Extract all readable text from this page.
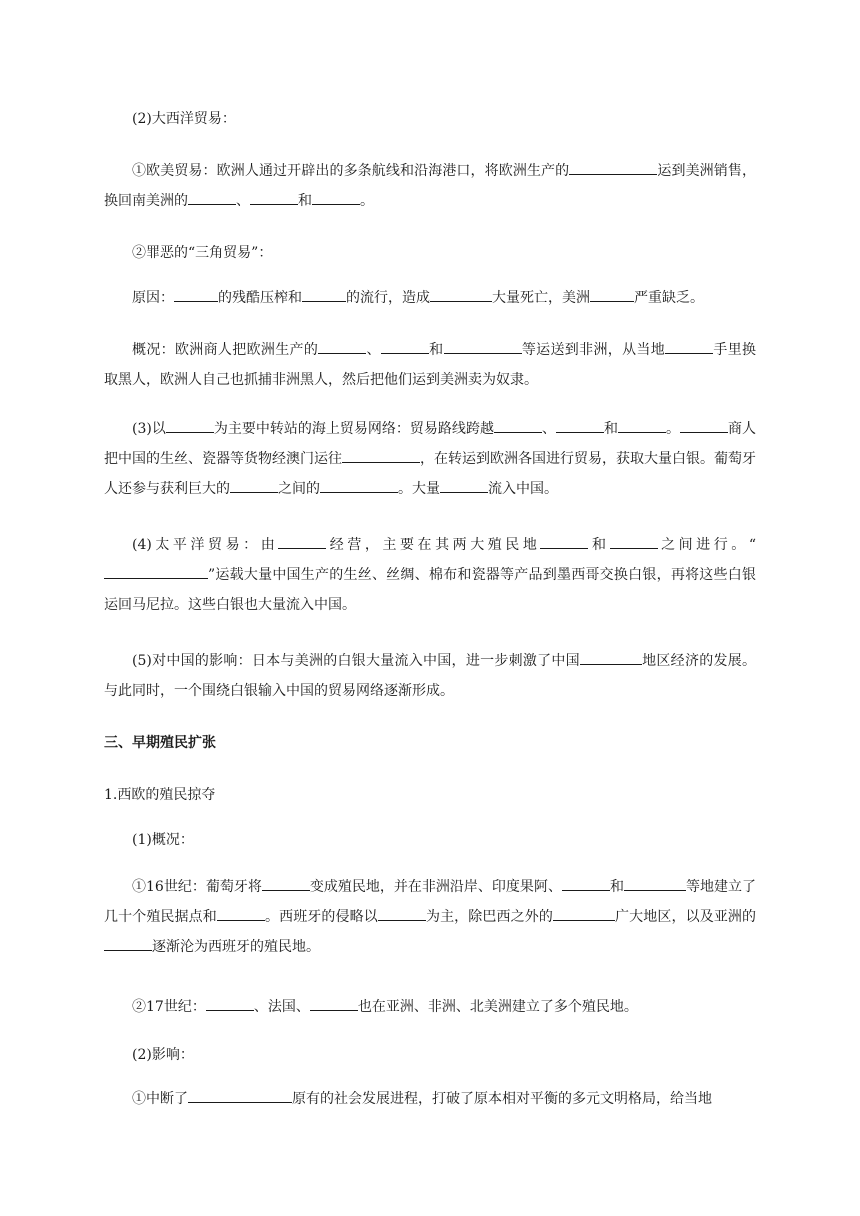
(2)大西洋贸易：

①欧美贸易：欧洲人通过开辟出的多条航线和沿海港口，将欧洲生产的	运到美洲销售，换回南美洲的	、	和	。

②罪恶的“三角贸易”：

原因：	的残酷压榨和	的流行，造成	大量死亡，美洲	严重缺乏。

概况：欧洲商人把欧洲生产的	、	和	等运送到非洲，从当地	手里换取黑人，欧洲人自己也抓捕非洲黑人，然后把他们运到美洲卖为奴隶。

(3)以	为主要中转站的海上贸易网络：贸易路线跨越	、	和	。	商人把中国的生丝、瓷器等货物经澳门运往	，在转运到欧洲各国进行贸易，获取大量白银。葡萄牙人还参与获利巨大的	之间的	。大量	流入中国。

(4)太平洋贸易：由	经营，主要在其两大殖民地	和	之间进行。“”运载大量中国生产的生丝、丝绸、棉布和瓷器等产品到墨西哥交换白银，再将这些白银运回马尼拉。这些白银也大量流入中国。

(5)对中国的影响：日本与美洲的白银大量流入中国，进一步刺激了中国	地区经济的发展。与此同时，一个围绕白银输入中国的贸易网络逐渐形成。

三、早期殖民扩张

1.西欧的殖民掠夺

(1)概况：

①16世纪：葡萄牙将	变成殖民地，并在非洲沿岸、印度果阿、	和	等地建立了几十个殖民据点和	。西班牙的侵略以	为主，除巴西之外的	广大地区，以及亚洲的逐渐沦为西班牙的殖民地。

②17世纪：	、法国、	也在亚洲、非洲、北美洲建立了多个殖民地。

(2)影响：

①中断了	原有的社会发展进程，打破了原本相对平衡的多元文明格局，给当地
